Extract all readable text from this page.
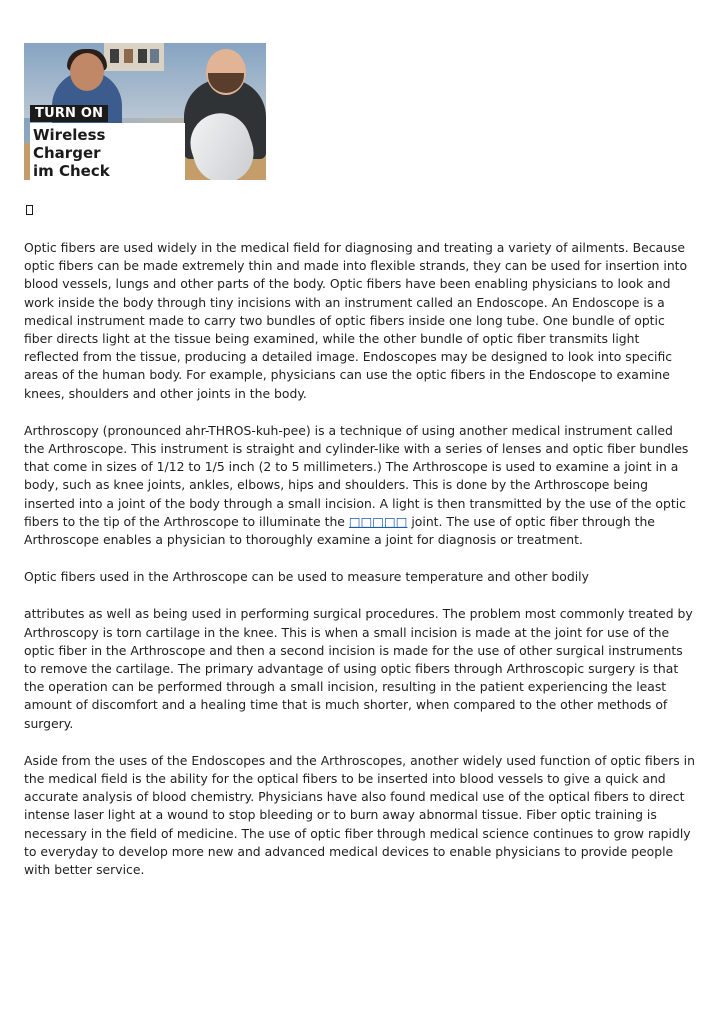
TURN ON
Wireless Charger
im Check

Optic fibers are used widely in the medical field for diagnosing and treating a variety of ailments. Because optic fibers can be made extremely thin and made into flexible strands, they can be used for insertion into blood vessels, lungs and other parts of the body. Optic fibers have been enabling physicians to look and work inside the body through tiny incisions with an instrument called an Endoscope. An Endoscope is a medical instrument made to carry two bundles of optic fibers inside one long tube. One bundle of optic fiber directs light at the tissue being examined, while the other bundle of optic fiber transmits light reflected from the tissue, producing a detailed image. Endoscopes may be designed to look into specific areas of the human body. For example, physicians can use the optic fibers in the Endoscope to examine knees, shoulders and other joints in the body.

Arthroscopy (pronounced ahr-THROS-kuh-pee) is a technique of using another medical instrument called the Arthroscope. This instrument is straight and cylinder-like with a series of lenses and optic fiber bundles that come in sizes of 1/12 to 1/5 inch (2 to 5 millimeters.) The Arthroscope is used to examine a joint in a body, such as knee joints, ankles, elbows, hips and shoulders. This is done by the Arthroscope being inserted into a joint of the body through a small incision. A light is then transmitted by the use of the optic fibers to the tip of the Arthroscope to illuminate the □□□□□ joint. The use of optic fiber through the Arthroscope enables a physician to thoroughly examine a joint for diagnosis or treatment.

Optic fibers used in the Arthroscope can be used to measure temperature and other bodily

attributes as well as being used in performing surgical procedures. The problem most commonly treated by Arthroscopy is torn cartilage in the knee. This is when a small incision is made at the joint for use of the optic fiber in the Arthroscope and then a second incision is made for the use of other surgical instruments to remove the cartilage. The primary advantage of using optic fibers through Arthroscopic surgery is that the operation can be performed through a small incision, resulting in the patient experiencing the least amount of discomfort and a healing time that is much shorter, when compared to the other methods of surgery.

Aside from the uses of the Endoscopes and the Arthroscopes, another widely used function of optic fibers in the medical field is the ability for the optical fibers to be inserted into blood vessels to give a quick and accurate analysis of blood chemistry. Physicians have also found medical use of the optical fibers to direct intense laser light at a wound to stop bleeding or to burn away abnormal tissue. Fiber optic training is necessary in the field of medicine. The use of optic fiber through medical science continues to grow rapidly to everyday to develop more new and advanced medical devices to enable physicians to provide people with better service.
